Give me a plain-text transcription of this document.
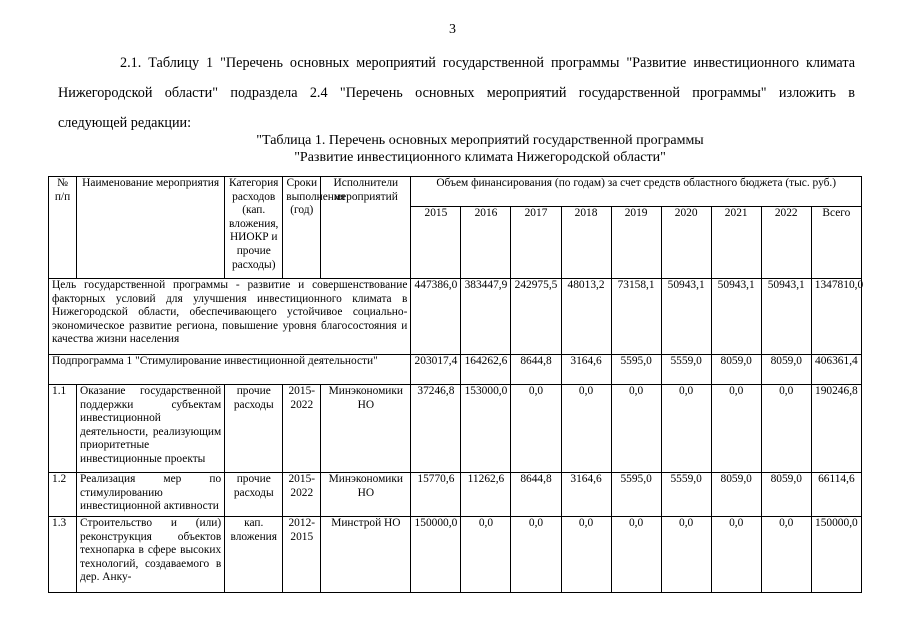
3
2.1. Таблицу 1 "Перечень основных мероприятий государственной программы "Развитие инвестиционного климата
Нижегородской области" подраздела 2.4 "Перечень основных мероприятий государственной программы" изложить в
следующей редакции:
"Таблица 1. Перечень основных мероприятий государственной программы
"Развитие инвестиционного климата Нижегородской области"
№ п/п	Наименование мероприятия	Категория расходов (кап. вложения, НИОКР и прочие расходы)	Сроки выполнения (год)	Исполнители мероприятий	Объем финансирования (по годам) за счет средств областного бюджета (тыс. руб.)								
					2015	2016	2017	2018	2019	2020	2021	2022	Всего
Цель государственной программы - развитие и совершенствование факторных условий для улучшения инвестиционного климата в Нижегородской области, обеспечивающего устойчивое социально-экономическое развитие региона, повышение уровня благосостояния и качества жизни населения					447386,0	383447,9	242975,5	48013,2	73158,1	50943,1	50943,1	50943,1	1347810,0
Подпрограмма 1 "Стимулирование инвестиционной деятельности"					203017,4	164262,6	8644,8	3164,6	5595,0	5559,0	8059,0	8059,0	406361,4
1.1	Оказание государственной поддержки субъектам инвестиционной деятельности, реализующим приоритетные инвестиционные проекты	прочие расходы	2015-2022	Минэкономики НО	37246,8	153000,0	0,0	0,0	0,0	0,0	0,0	0,0	190246,8
1.2	Реализация мер по стимулированию инвестиционной активности	прочие расходы	2015-2022	Минэкономики НО	15770,6	11262,6	8644,8	3164,6	5595,0	5559,0	8059,0	8059,0	66114,6
1.3	Строительство и (или) реконструкция объектов технопарка в сфере высоких технологий, создаваемого в дер. Анку-	кап. вложения	2012-2015	Минстрой НО	150000,0	0,0	0,0	0,0	0,0	0,0	0,0	0,0	150000,0
